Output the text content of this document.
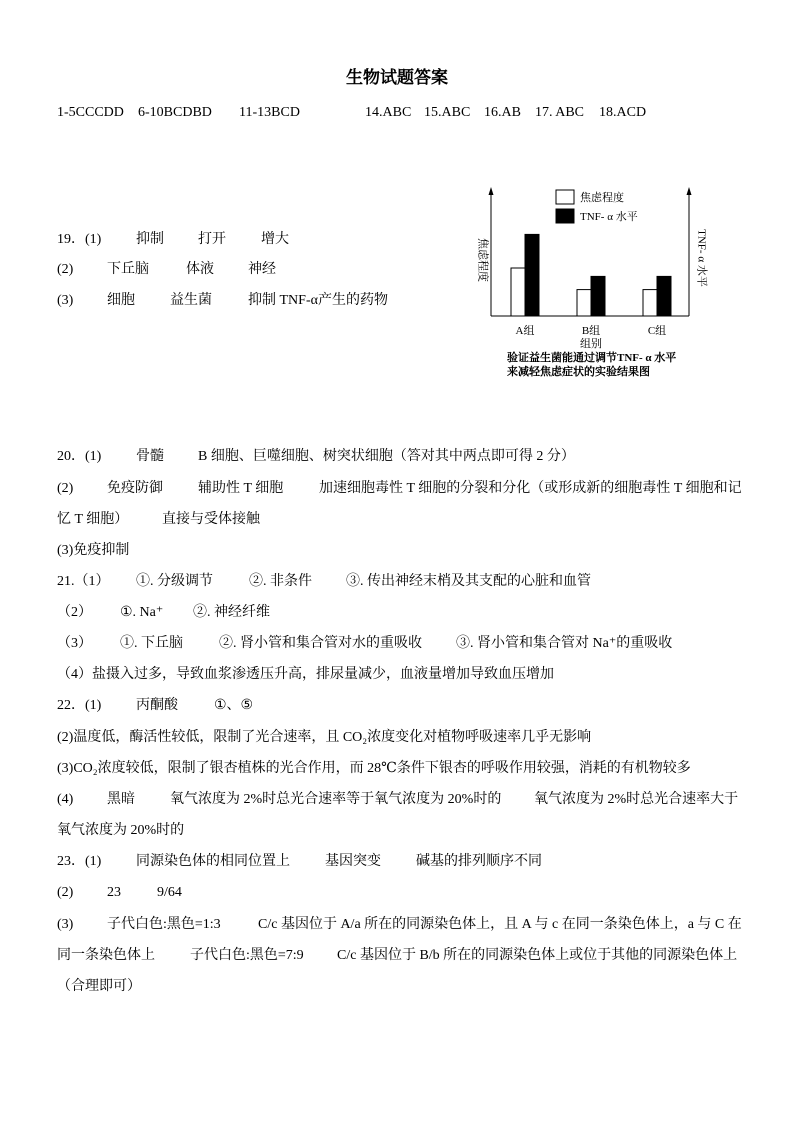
生物试题答案
1-5CCCDD 6-10BCDBD 11-13BCD	14.ABC 15.ABC 16.AB 17. ABC 18.ACD
19．(1) 抑制 打开	增大
(2) 下丘脑	体液 神经
(3) 细胞	益生菌	抑制 TNF-α产生的药物
焦虑程度
TNF- α 水平
焦虑程度	TNF- α 水平
A组	B组	C组
组别
验证益生菌能通过调节TNF- α 水平
来减轻焦虑症状的实验结果图
20．(1) 骨髓 B 细胞、巨噬细胞、树突状细胞（答对其中两点即可得 2 分）
(2) 免疫防御	辅助性 T 细胞	加速细胞毒性 T 细胞的分裂和分化（或形成新的细胞毒性 T 细胞和记
忆 T 细胞） 直接与受体接触
(3)免疫抑制
21.（1） ①. 分级调节	②. 非条件 ③. 传出神经末梢及其支配的心脏和血管
（2） ①. Na⁺ ②. 神经纤维
（3） ①. 下丘脑	②. 肾小管和集合管对水的重吸收 ③. 肾小管和集合管对 Na⁺的重吸收
（4）盐摄入过多，导致血浆渗透压升高，排尿量减少，血液量增加导致血压增加
22．(1) 丙酮酸	①、⑤
(2)温度低，酶活性较低，限制了光合速率，且 CO₂浓度变化对植物呼吸速率几乎无影响
(3)CO₂浓度较低，限制了银杏植株的光合作用，而 28℃条件下银杏的呼吸作用较强，消耗的有机物较多
(4) 黑暗	氧气浓度为 2%时总光合速率等于氧气浓度为 20%时的 氧气浓度为 2%时总光合速率大于
氧气浓度为 20%时的
23．(1) 同源染色体的相同位置上	基因突变	碱基的排列顺序不同
(2) 23	9/64
(3) 子代白色:黑色=1:3	C/c 基因位于 A/a 所在的同源染色体上，且 A 与 c 在同一条染色体上，a 与 C 在
同一条染色体上	子代白色:黑色=7:9 C/c 基因位于 B/b 所在的同源染色体上或位于其他的同源染色体上
（合理即可）
